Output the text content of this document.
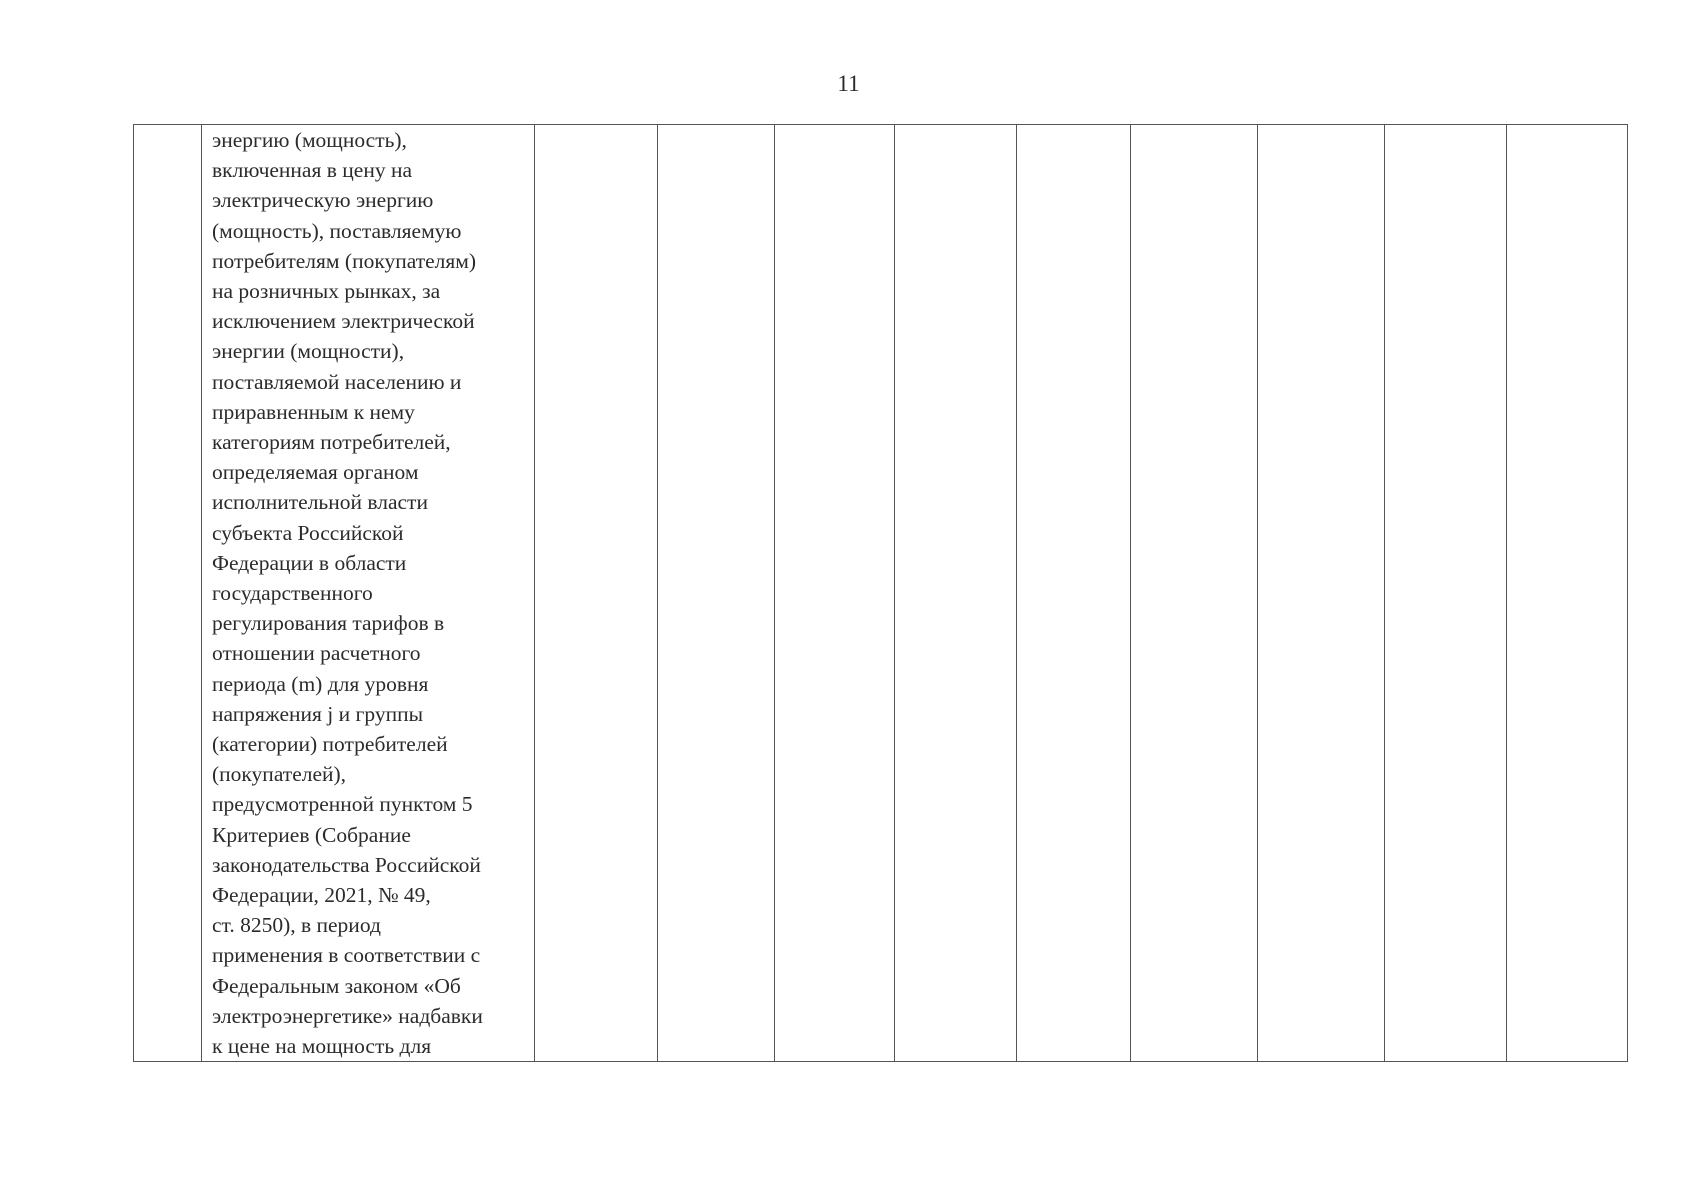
11
	энергию (мощность),
включенная в цену на
электрическую энергию
(мощность), поставляемую
потребителям (покупателям)
на розничных рынках, за
исключением электрической
энергии (мощности),
поставляемой населению и
приравненным к нему
категориям потребителей,
определяемая органом
исполнительной власти
субъекта Российской
Федерации в области
государственного
регулирования тарифов в
отношении расчетного
периода (m) для уровня
напряжения j и группы
(категории) потребителей
(покупателей),
предусмотренной пунктом 5
Критериев (Собрание
законодательства Российской
Федерации, 2021, № 49,
ст. 8250), в период
применения в соответствии с
Федеральным законом «Об
электроэнергетике» надбавки
к цене на мощность для									
